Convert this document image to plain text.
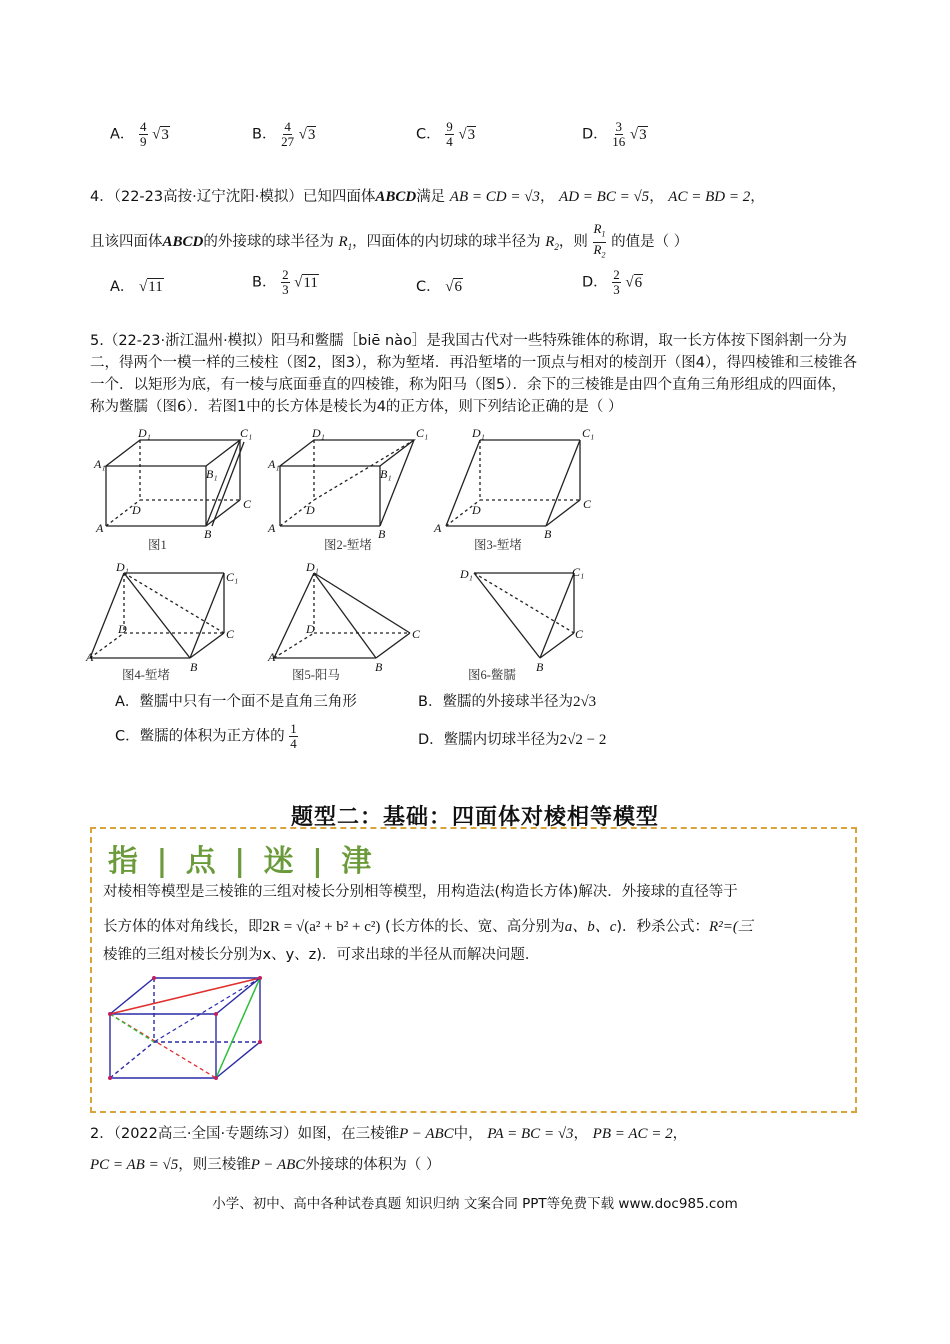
A． $\frac{4}{9} √3$	B． $\frac{4}{27} √3$	C． $\frac{9}{4} √3$	D． $\frac{3}{16} √3$
4．（22-23高按·辽宁沈阳·模拟）已知四面体ABCD满足 AB = CD = √3， AD = BC = √5， AC = BD = 2，
且该四面体ABCD的外接球的球半径为 $R_1$，四面体的内切球的球半径为 $R_2$，则 $\frac{R_1}{R_2}$ 的值是（ ）
A． √11	B． $\frac{2}{3} √11$	C． √6	D． $\frac{2}{3} √6$
5.（22-23·浙江温州·模拟）阳马和鳖臑［biē nào］是我国古代对一些特殊锥体的称谓，取一长方体按下图斜割一分为二，得两个一模一样的三棱柱（图2，图3），称为堑堵．再沿堑堵的一顶点与相对的棱剖开（图4），得四棱锥和三棱锥各一个．以矩形为底，有一棱与底面垂直的四棱锥，称为阳马（图5）．余下的三棱锥是由四个直角三角形组成的四面体，称为鳖臑（图6）．若图1中的长方体是棱长为4的正方体，则下列结论正确的是（ ）
D₁	C₁
A₁
B₁
D	C
A	B
D₁	C₁
A₁
B₁
D
A	B
D₁	C₁
D	C
A	B
D₁
C₁
D	C
A
B
D₁
D	C
A
B
D₁	C₁
C
B
图1	图2-堑堵	图3-堑堵
图4-堑堵	图5-阳马	图6-鳖臑
A．鳖臑中只有一个面不是直角三角形	B．鳖臑的外接球半径为2√3
C．鳖臑的体积为正方体的 $\frac{1}{4}$	D．鳖臑内切球半径为2√2 − 2
题型二：基础：四面体对棱相等模型
指 | 点 | 迷 | 津
对棱相等模型是三棱锥的三组对棱长分别相等模型，用构造法(构造长方体)解决．外接球的直径等于
长方体的体对角线长，即2R = √(a² + b² + c²) (长方体的长、宽、高分别为a、b、c)．秒杀公式：R²=(三
棱锥的三组对棱长分别为x、y、z)．可求出球的半径从而解决问题．
2．（2022高三·全国·专题练习）如图，在三棱锥P − ABC中， PA = BC = √3， PB = AC = 2，
PC = AB = √5，则三棱锥P − ABC外接球的体积为（ ）
小学、初中、高中各种试卷真题 知识归纳 文案合同 PPT等免费下载 www.doc985.com
